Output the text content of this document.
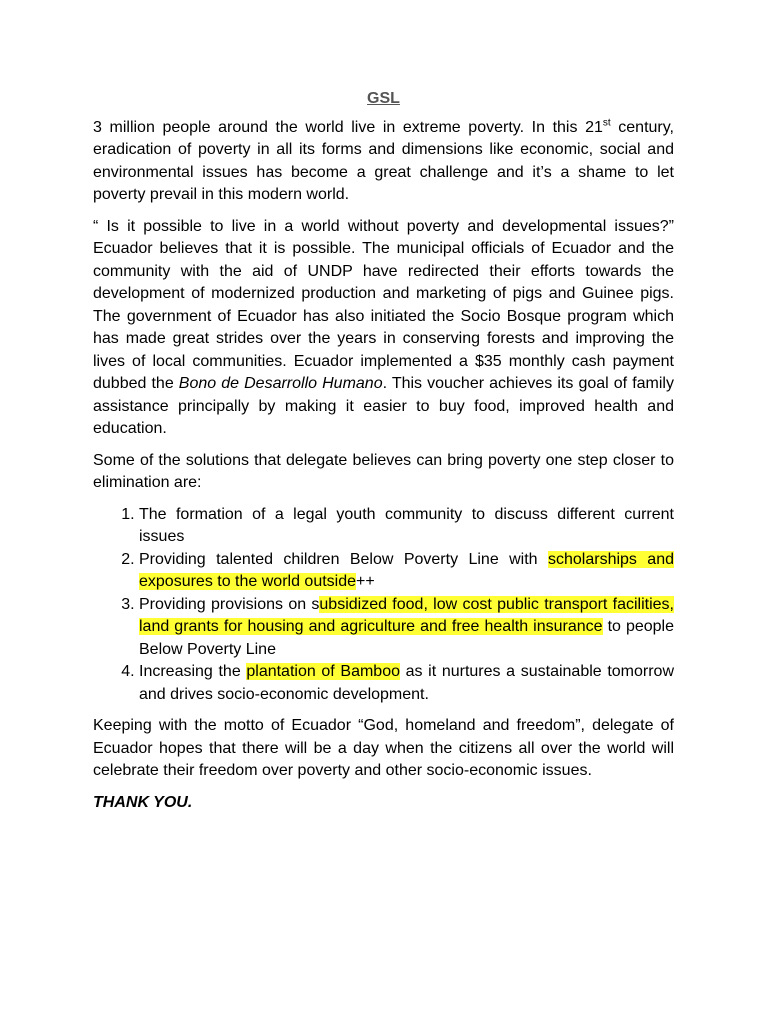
GSL

3 million people around the world live in extreme poverty. In this 21st century, eradication of poverty in all its forms and dimensions like economic, social and environmental issues has become a great challenge and it’s a shame to let poverty prevail in this modern world.

“ Is it possible to live in a world without poverty and developmental issues?” Ecuador believes that it is possible. The municipal officials of Ecuador and the community with the aid of UNDP have redirected their efforts towards the development of modernized production and marketing of pigs and Guinee pigs. The government of Ecuador has also initiated the Socio Bosque program which has made great strides over the years in conserving forests and improving the lives of local communities. Ecuador implemented a $35 monthly cash payment dubbed the Bono de Desarrollo Humano. This voucher achieves its goal of family assistance principally by making it easier to buy food, improved health and education.

Some of the solutions that delegate believes can bring poverty one step closer to elimination are:

1. The formation of a legal youth community to discuss different current issues
2. Providing talented children Below Poverty Line with scholarships and exposures to the world outside++
3. Providing provisions on subsidized food, low cost public transport facilities, land grants for housing and agriculture and free health insurance to people Below Poverty Line
4. Increasing the plantation of Bamboo as it nurtures a sustainable tomorrow and drives socio-economic development.

Keeping with the motto of Ecuador “God, homeland and freedom”, delegate of Ecuador hopes that there will be a day when the citizens all over the world will celebrate their freedom over poverty and other socio-economic issues.

THANK YOU.
